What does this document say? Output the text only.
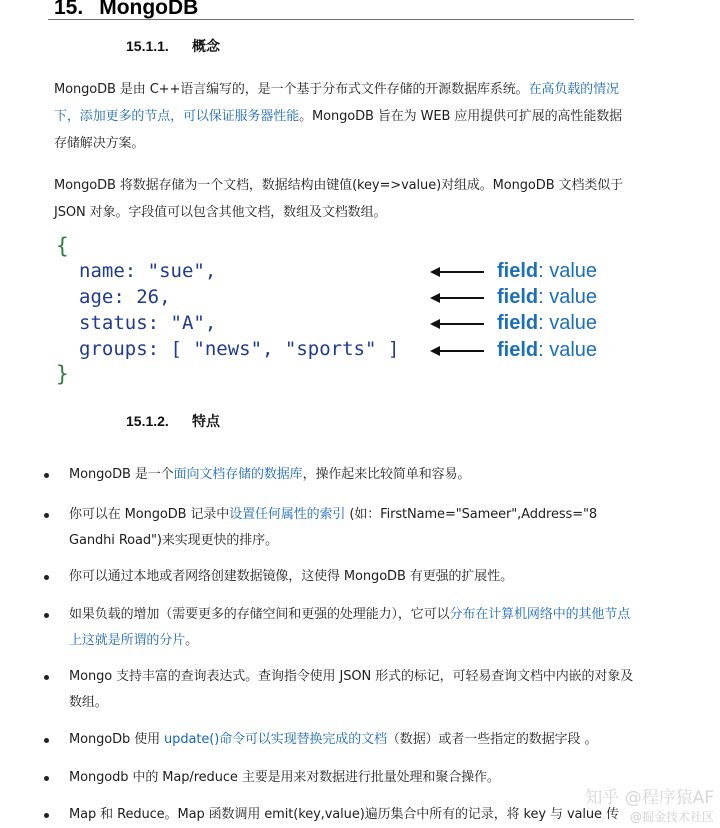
15. MongoDB
15.1.1. 概念
MongoDB 是由 C++语言编写的，是一个基于分布式文件存储的开源数据库系统。在高负载的情况下，添加更多的节点，可以保证服务器性能。MongoDB 旨在为 WEB 应用提供可扩展的高性能数据存储解决方案。
MongoDB 将数据存储为一个文档，数据结构由键值(key=>value)对组成。MongoDB 文档类似于 JSON 对象。字段值可以包含其他文档，数组及文档数组。
{
name: "sue",
age: 26,
status: "A",
groups: [ "news", "sports" ]
}
field: value
field: value
field: value
field: value
15.1.2. 特点
MongoDB 是一个面向文档存储的数据库，操作起来比较简单和容易。
你可以在 MongoDB 记录中设置任何属性的索引 (如：FirstName="Sameer",Address="8 Gandhi Road")来实现更快的排序。
你可以通过本地或者网络创建数据镜像，这使得 MongoDB 有更强的扩展性。
如果负载的增加（需要更多的存储空间和更强的处理能力），它可以分布在计算机网络中的其他节点上这就是所谓的分片。
Mongo 支持丰富的查询表达式。查询指令使用 JSON 形式的标记，可轻易查询文档中内嵌的对象及数组。
MongoDb 使用 update()命令可以实现替换完成的文档（数据）或者一些指定的数据字段 。
Mongodb 中的 Map/reduce 主要是用来对数据进行批量处理和聚合操作。
Map 和 Reduce。Map 函数调用 emit(key,value)遍历集合中所有的记录，将 key 与 value 传
知乎 @程序猿AF
@掘金技术社区
